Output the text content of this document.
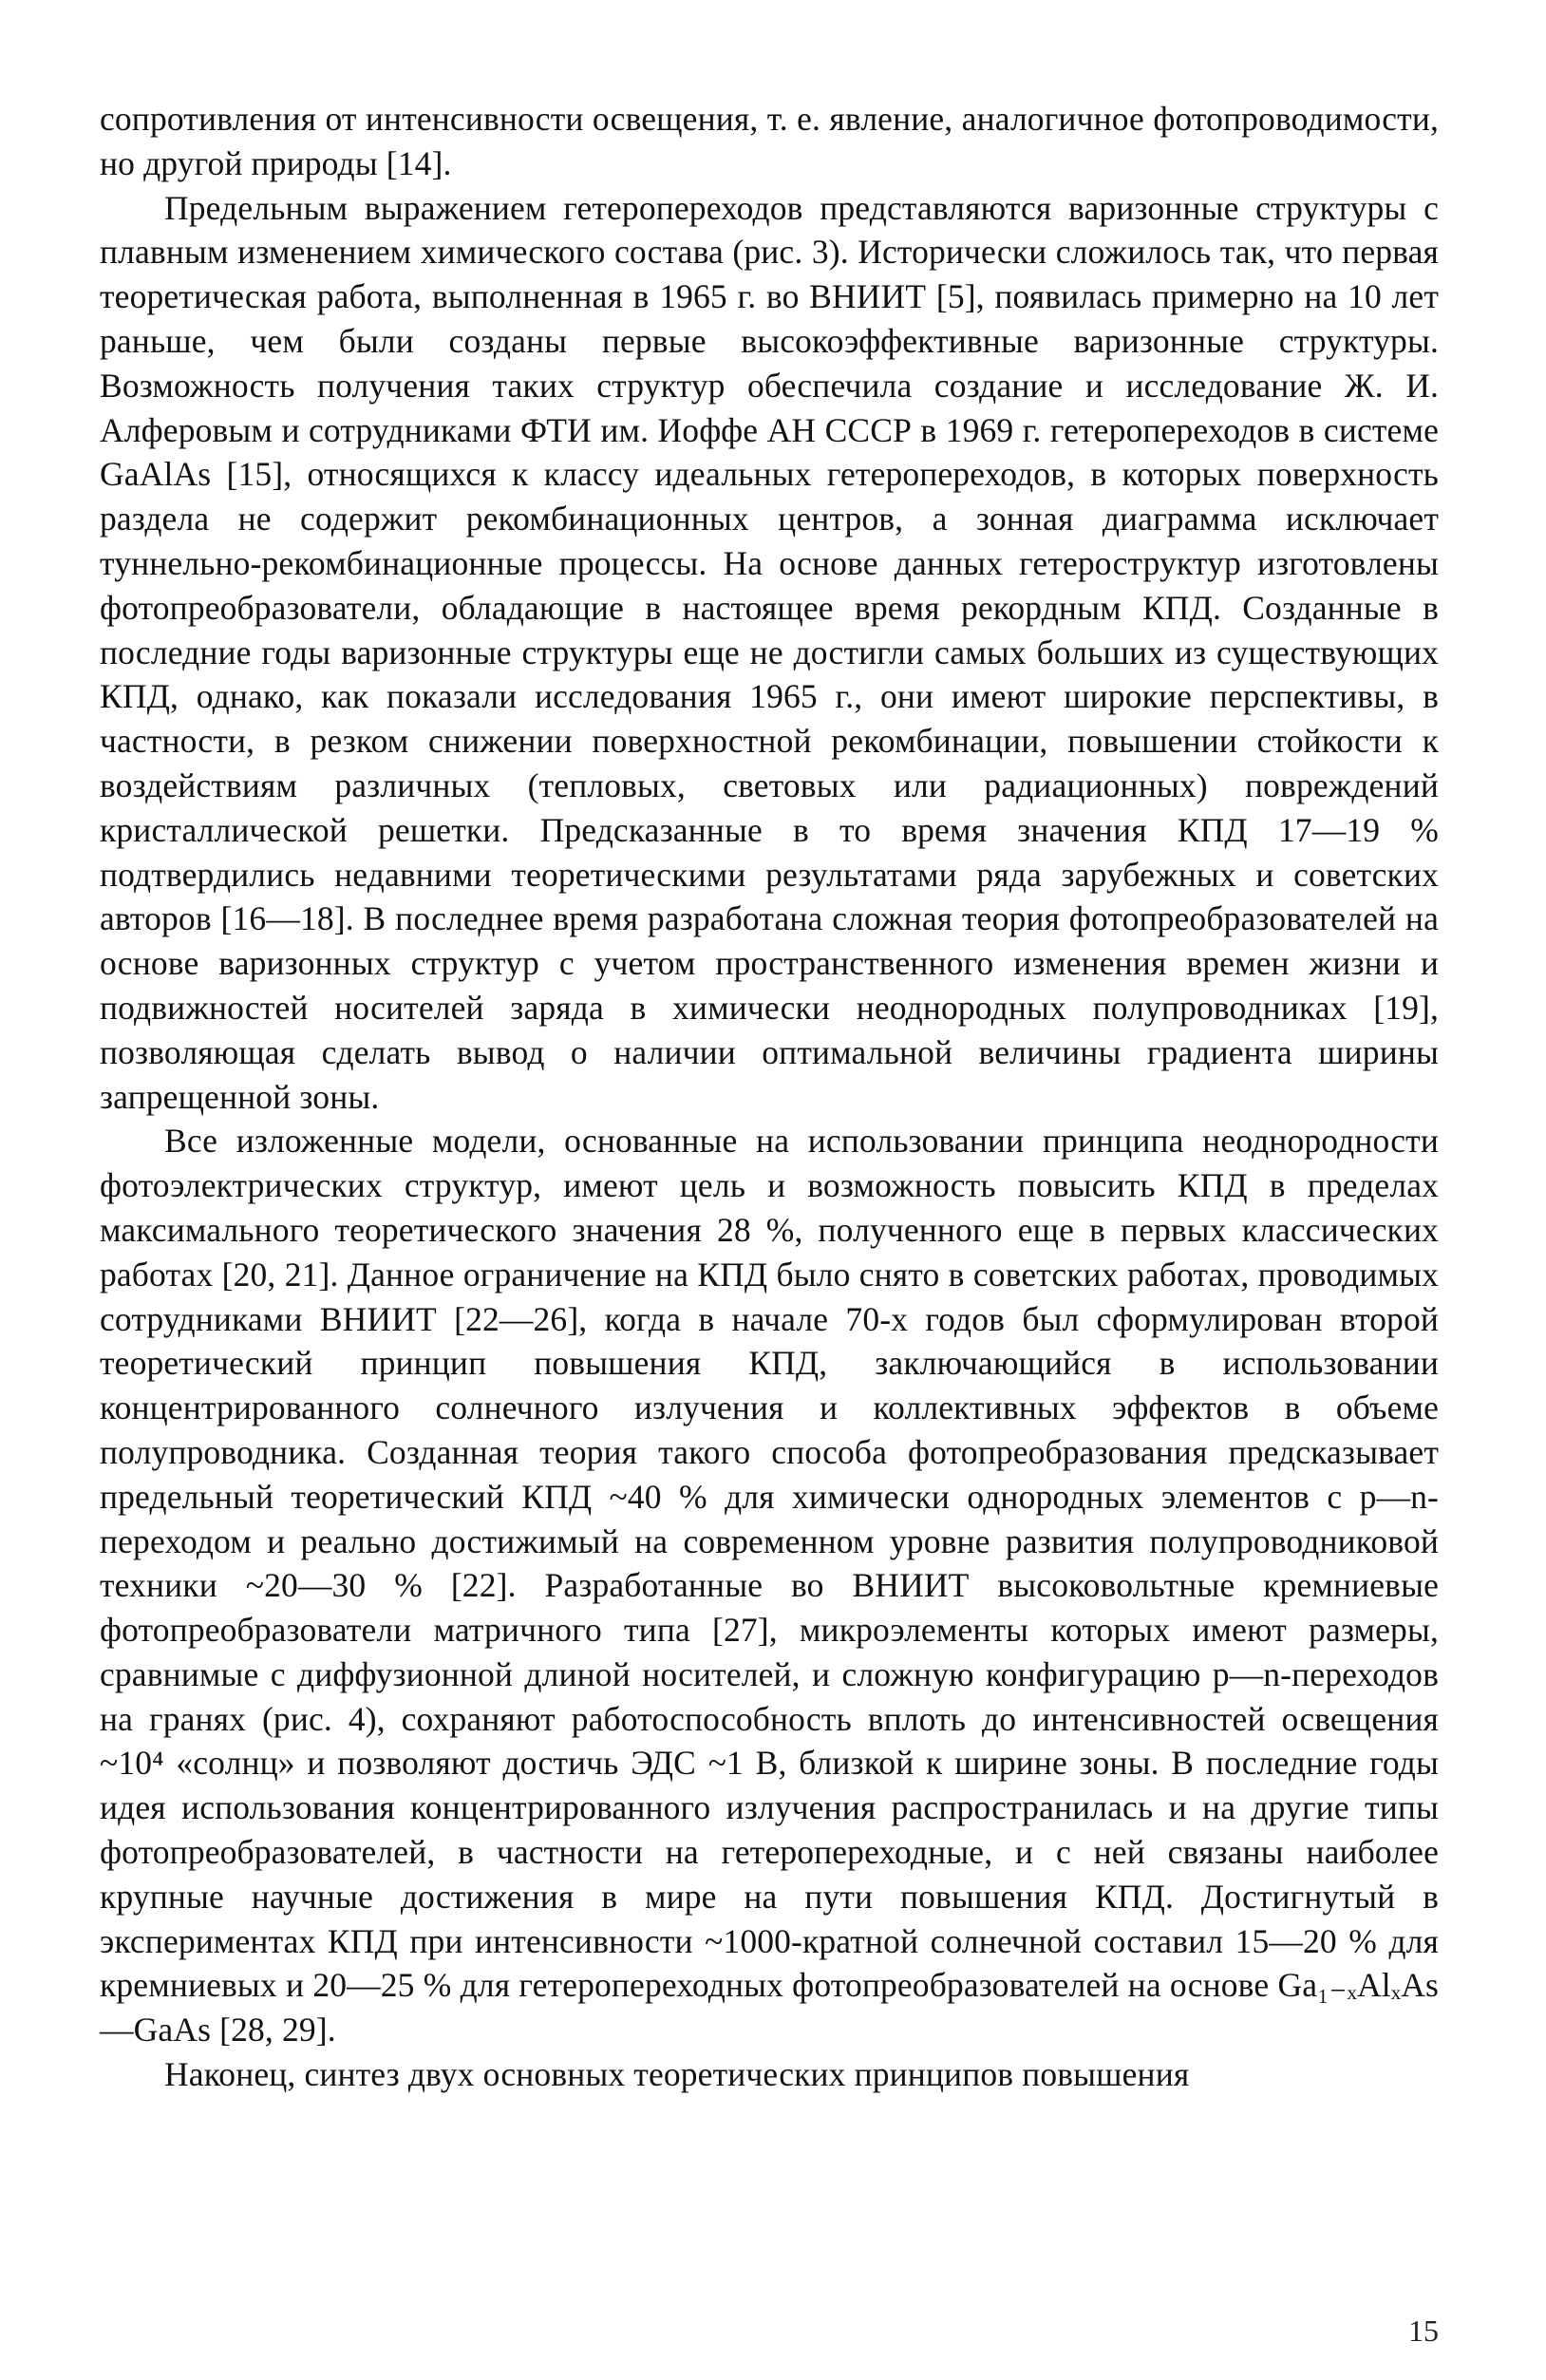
сопротивления от интенсивности освещения, т. е. явление, аналогичное фотопроводимости, но другой природы [14].

Предельным выражением гетеропереходов представляются варизонные структуры с плавным изменением химического состава (рис. 3). Исторически сложилось так, что первая теоретическая работа, выполненная в 1965 г. во ВНИИТ [5], появилась примерно на 10 лет раньше, чем были созданы первые высокоэффективные варизонные структуры. Возможность получения таких структур обеспечила создание и исследование Ж. И. Алферовым и сотрудниками ФТИ им. Иоффе АН СССР в 1969 г. гетеропереходов в системе GaAlAs [15], относящихся к классу идеальных гетеропереходов, в которых поверхность раздела не содержит рекомбинационных центров, а зонная диаграмма исключает туннельно-рекомбинационные процессы. На основе данных гетероструктур изготовлены фотопреобразователи, обладающие в настоящее время рекордным КПД. Созданные в последние годы варизонные структуры еще не достигли самых больших из существующих КПД, однако, как показали исследования 1965 г., они имеют широкие перспективы, в частности, в резком снижении поверхностной рекомбинации, повышении стойкости к воздействиям различных (тепловых, световых или радиационных) повреждений кристаллической решетки. Предсказанные в то время значения КПД 17—19 % подтвердились недавними теоретическими результатами ряда зарубежных и советских авторов [16—18]. В последнее время разработана сложная теория фотопреобразователей на основе варизонных структур с учетом пространственного изменения времен жизни и подвижностей носителей заряда в химически неоднородных полупроводниках [19], позволяющая сделать вывод о наличии оптимальной величины градиента ширины запрещенной зоны.

Все изложенные модели, основанные на использовании принципа неоднородности фотоэлектрических структур, имеют цель и возможность повысить КПД в пределах максимального теоретического значения 28 %, полученного еще в первых классических работах [20, 21]. Данное ограничение на КПД было снято в советских работах, проводимых сотрудниками ВНИИТ [22—26], когда в начале 70-х годов был сформулирован второй теоретический принцип повышения КПД, заключающийся в использовании концентрированного солнечного излучения и коллективных эффектов в объеме полупроводника. Созданная теория такого способа фотопреобразования предсказывает предельный теоретический КПД ~40 % для химически однородных элементов с p—n-переходом и реально достижимый на современном уровне развития полупроводниковой техники ~20—30 % [22]. Разработанные во ВНИИТ высоковольтные кремниевые фотопреобразователи матричного типа [27], микроэлементы которых имеют размеры, сравнимые с диффузионной длиной носителей, и сложную конфигурацию p—n-переходов на гранях (рис. 4), сохраняют работоспособность вплоть до интенсивностей освещения ~10⁴ «солнц» и позволяют достичь ЭДС ~1 В, близкой к ширине зоны. В последние годы идея использования концентрированного излучения распространилась и на другие типы фотопреобразователей, в частности на гетеропереходные, и с ней связаны наиболее крупные научные достижения в мире на пути повышения КПД. Достигнутый в экспериментах КПД при интенсивности ~1000-кратной солнечной составил 15—20 % для кремниевых и 20—25 % для гетеропереходных фотопреобразователей на основе Ga₁₋ₓAlₓAs—GaAs [28, 29].

Наконец, синтез двух основных теоретических принципов повышения

15
